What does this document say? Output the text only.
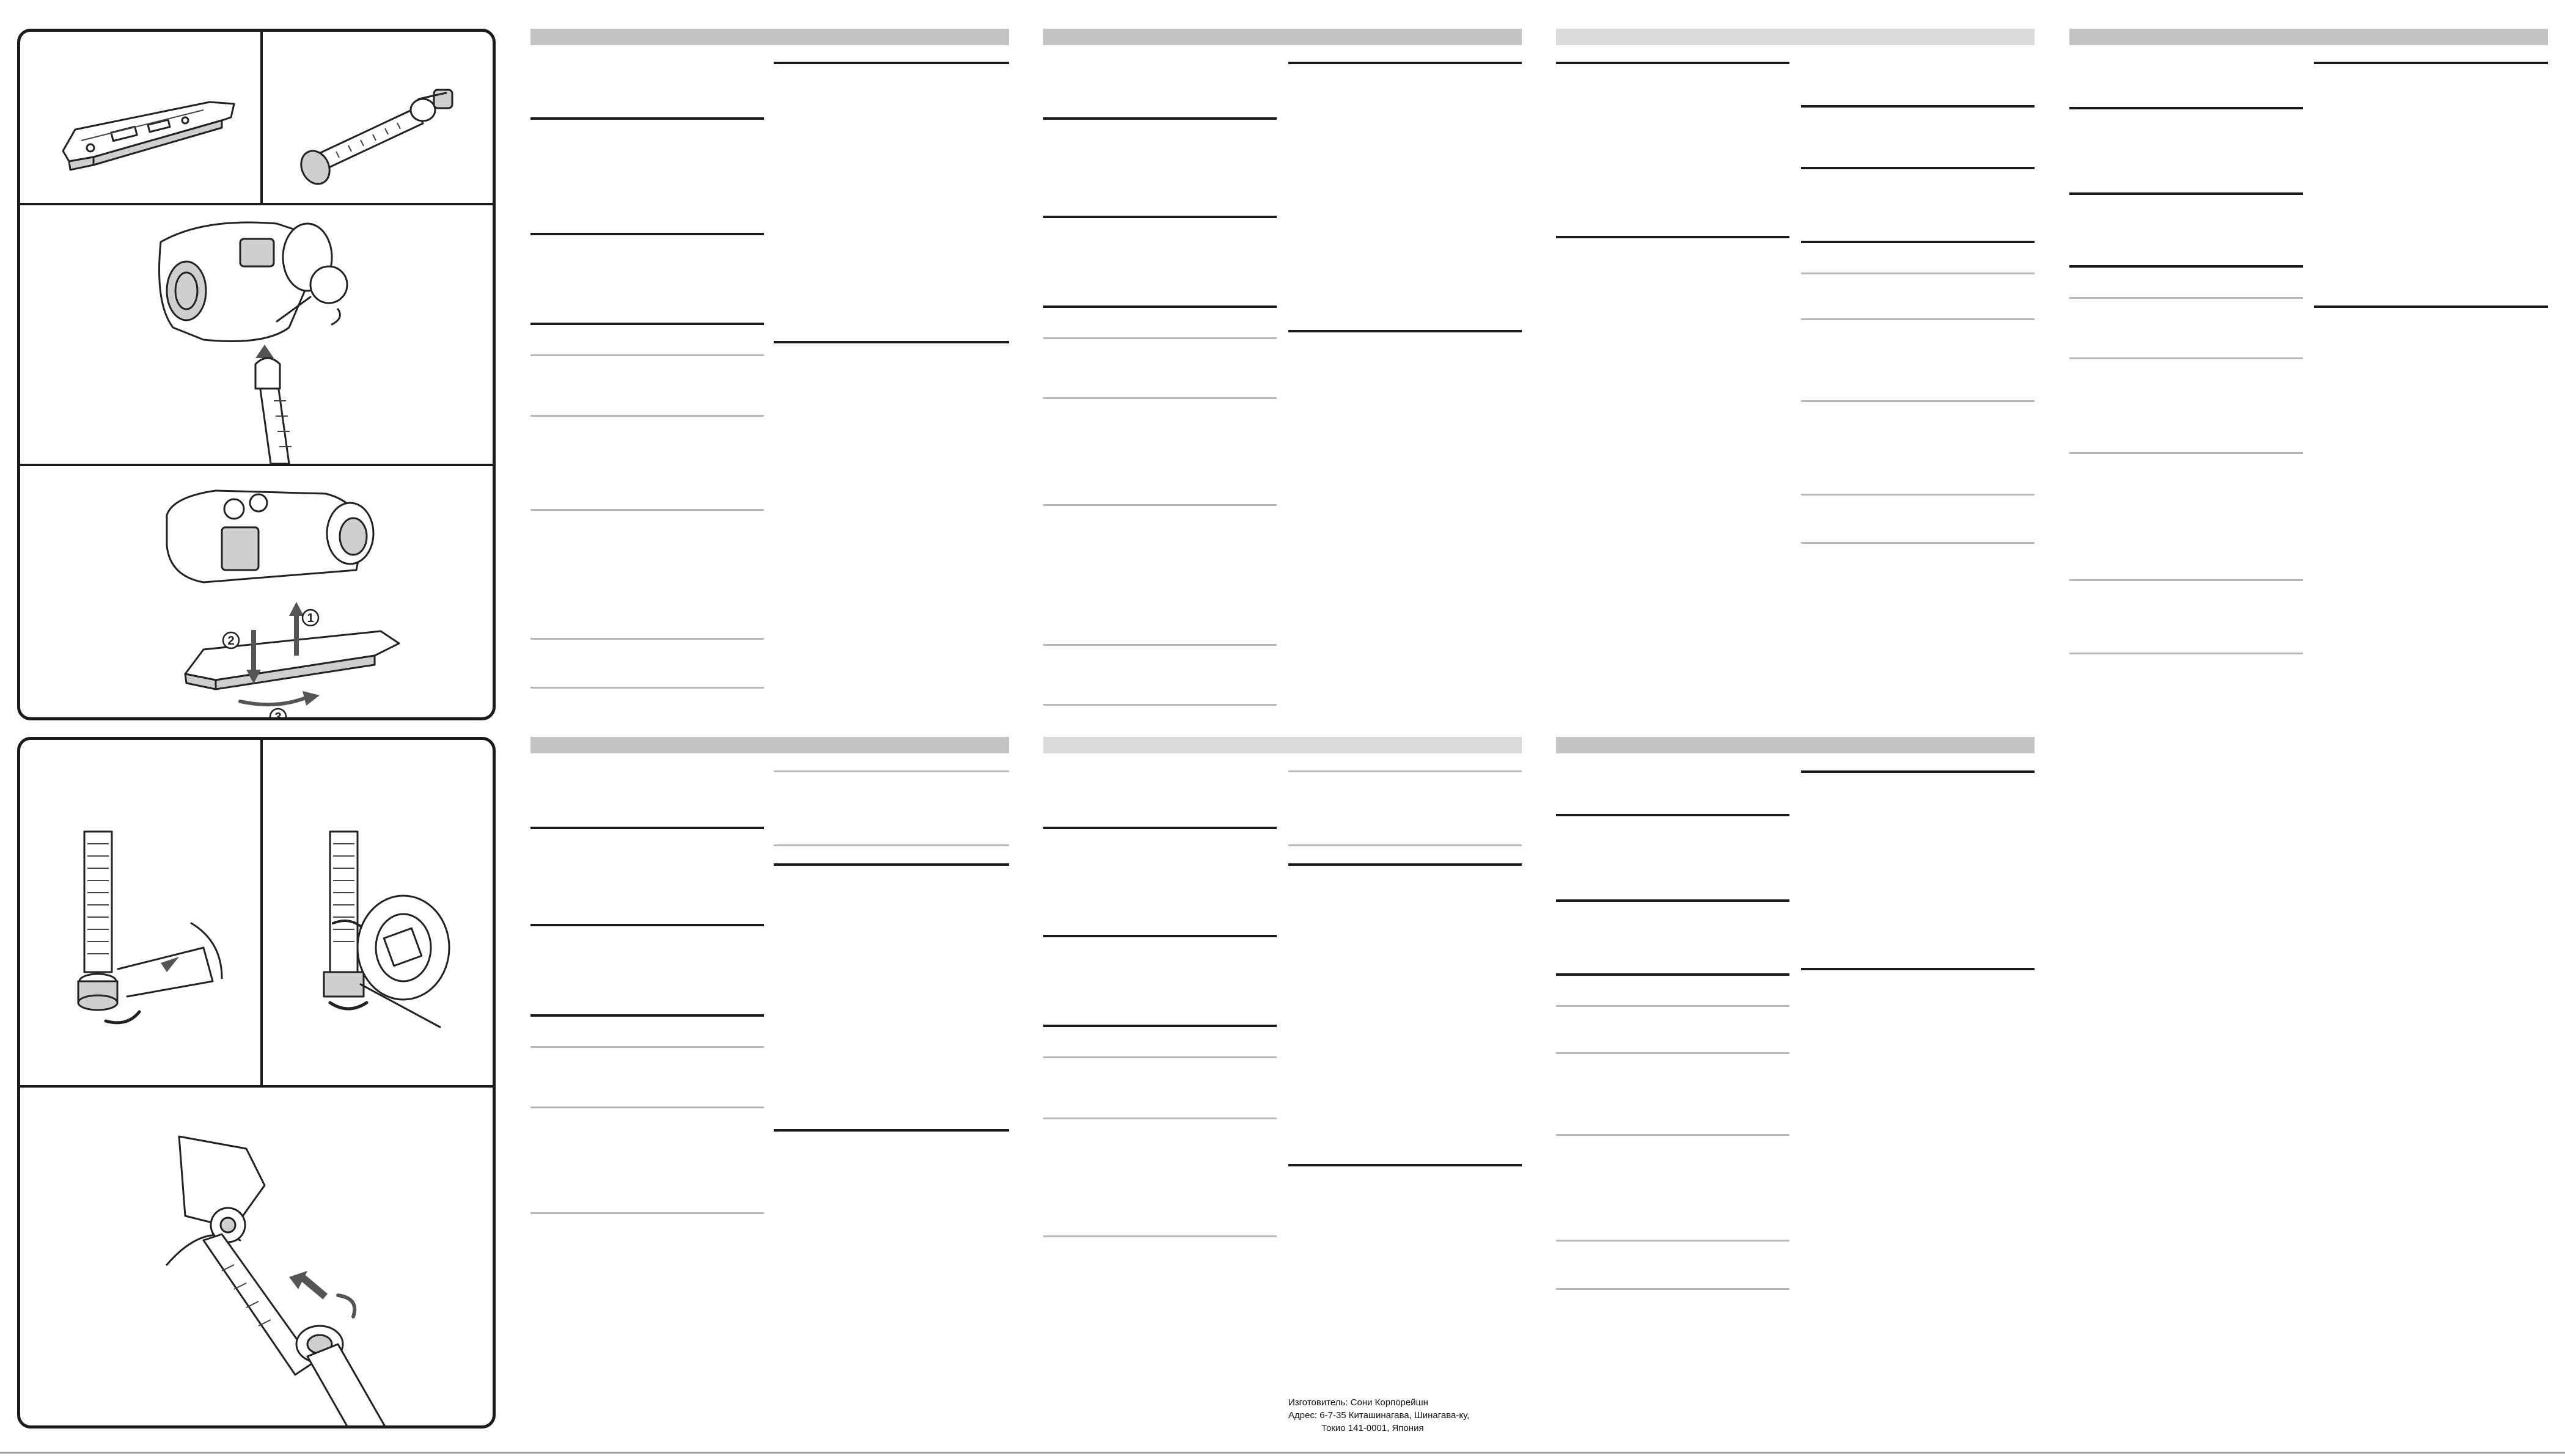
1
2
3
Изготовитель: Сони Корпорейшн
Адрес: 6-7-35 Киташинагава, Шинагава-ку,
Токио 141-0001, Япония
